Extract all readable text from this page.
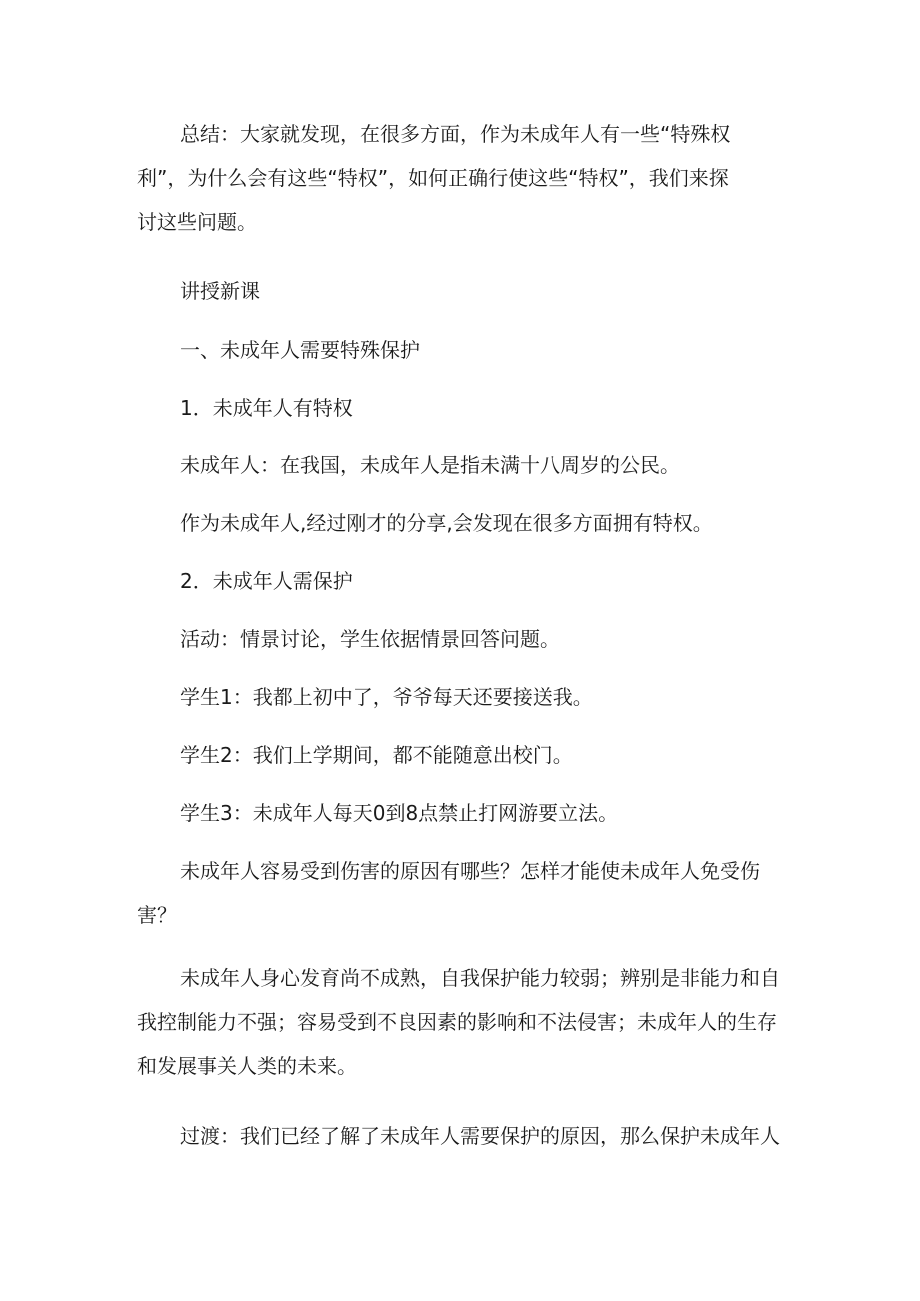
总结：大家就发现，在很多方面，作为未成年人有一些“特殊权
利”，为什么会有这些“特权”，如何正确行使这些“特权”，我们来探
讨这些问题。
讲授新课
一、未成年人需要特殊保护
1．未成年人有特权
未成年人：在我国，未成年人是指未满十八周岁的公民。
作为未成年人,经过刚才的分享,会发现在很多方面拥有特权。
2．未成年人需保护
活动：情景讨论，学生依据情景回答问题。
学生1：我都上初中了，爷爷每天还要接送我。
学生2：我们上学期间，都不能随意出校门。
学生3：未成年人每天0到8点禁止打网游要立法。
未成年人容易受到伤害的原因有哪些？怎样才能使未成年人免受伤
害？
未成年人身心发育尚不成熟，自我保护能力较弱；辨别是非能力和自
我控制能力不强；容易受到不良因素的影响和不法侵害；未成年人的生存
和发展事关人类的未来。
过渡：我们已经了解了未成年人需要保护的原因，那么保护未成年人
